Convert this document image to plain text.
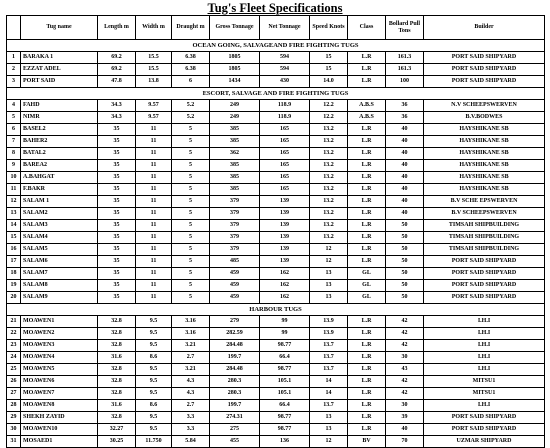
Tug's Fleet Specifications
	Tug name	Length m	Width m	Draught m	Gross Tonnage	Net Tonnage	Speed Knots	Class	Bollard Pull Tons	Builder
OCEAN GOING, SALVAGEAND FIRE FIGHTING TUGS										
1	BARAKA 1	69.2	15.5	6.38	1805	594	15	L.R	161.3	PORT SAID SHIPYARD
2	EZZAT ADEL	69.2	15.5	6.38	1805	594	15	L.R	161.3	PORT SAID SHIPYARD
3	PORT SAID	47.8	13.8	6	1434	430	14.0	L.R	100	PORT SAID SHIPYARD
ESCORT, SALVAGE AND FIRE FIGHTING TUGS										
4	FAHD	34.3	9.57	5.2	249	118.9	12.2	A.B.S	36	N.V SCHEEPSWERVEN
5	NIMR	34.3	9.57	5.2	249	118.9	12.2	A.B.S	36	B.V.BODWES
6	BASEL2	35	11	5	385	165	13.2	L.R	40	HAYSHIKANE SB
7	BAHER2	35	11	5	385	165	13.2	L.R	40	HAYSHIKANE SB
8	BATAL2	35	11	5	362	165	13.2	L.R	40	HAYSHIKANE SB
9	BAREA2	35	11	5	385	165	13.2	L.R	40	HAYSHIKANE SB
10	A.BAHGAT	35	11	5	385	165	13.2	L.R	40	HAYSHIKANE SB
11	F.BAKR	35	11	5	385	165	13.2	L.R	40	HAYSHIKANE SB
12	SALAM 1	35	11	5	379	139	13.2	L.R	40	B.V SCHE EPSWERVEN
13	SALAM2	35	11	5	379	139	13.2	L.R	40	B.V SCHEEPSWERVEN
14	SALAM3	35	11	5	379	139	13.2	L.R	50	TIMSAH SHIPBUILDING
15	SALAM4	35	11	5	379	139	13.2	L.R	50	TIMSAH SHIPBUILDING
16	SALAM5	35	11	5	379	139	12	L.R	50	TIMSAH SHIPBUILDING
17	SALAM6	35	11	5	485	139	12	L.R	50	PORT SAID SHIPYARD
18	SALAM7	35	11	5	459	162	13	GL	50	PORT SAID SHIPYARD
19	SALAM8	35	11	5	459	162	13	GL	50	PORT SAID SHIPYARD
20	SALAM9	35	11	5	459	162	13	GL	50	PORT SAID SHIPYARD
HARBOUR TUGS										
21	MOAWEN1	32.8	9.5	3.16	279	99	13.9	L.R	42	I.H.I
22	MOAWEN2	32.8	9.5	3.16	282.59	99	13.9	L.R	42	I.H.I
23	MOAWEN3	32.8	9.5	3.21	284.48	98.77	13.7	L.R	42	I.H.I
24	MOAWEN4	31.6	8.6	2.7	199.7	66.4	13.7	L.R	30	I.H.I
25	MOAWEN5	32.8	9.5	3.21	284.48	98.77	13.7	L.R	43	I.H.I
26	MOAWEN6	32.8	9.5	4.3	280.3	105.1	14	L.R	42	MITSU1
27	MOAWEN7	32.8	9.5	4.3	280.3	105.1	14	L.R	42	MITSU1
28	MOAWEN8	31.6	8.6	2.7	199.7	66.4	13.7	L.R	30	I.H.I
29	SHEKH ZAYID	32.8	9.5	3.3	274.31	98.77	13	L.R	39	PORT SAID SHIPYARD
30	MOAWEN10	32.27	9.5	3.3	275	98.77	13	L.R	40	PORT SAID SHIPYARD
31	MOSAED1	30.25	11.750	5.84	455	136	12	BV	70	UZMAR SHIPYARD
